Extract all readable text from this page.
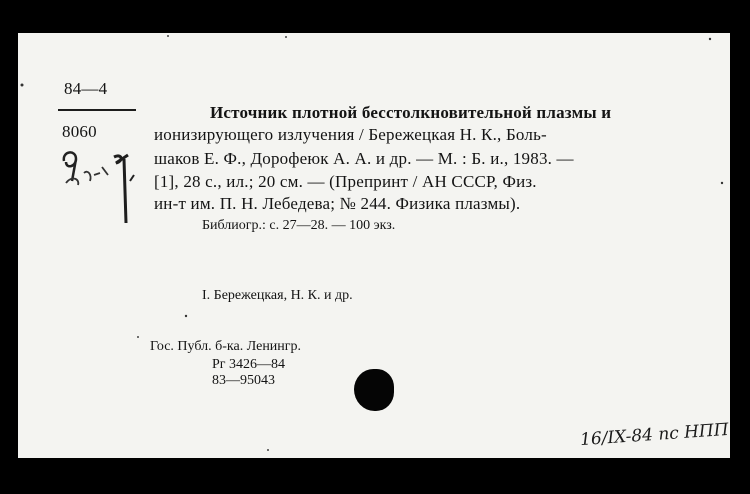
84—4
8060
Источник плотной бесстолкновительной плазмы и
ионизирующего излучения / Бережецкая Н. К., Боль-
шаков Е. Ф., Дорофеюк А. А. и др. — М. : Б. и., 1983. —
[1], 28 с., ил.; 20 см. — (Препринт / АН СССР, Физ.
ин-т им. П. Н. Лебедева; № 244. Физика плазмы).
Библиогр.: с. 27—28. — 100 экз.
I. Бережецкая, Н. К. и др.
Гос. Публ. б-ка. Ленингр.
Рг 3426—84
83—95043
16/IX-84 пс НПП
